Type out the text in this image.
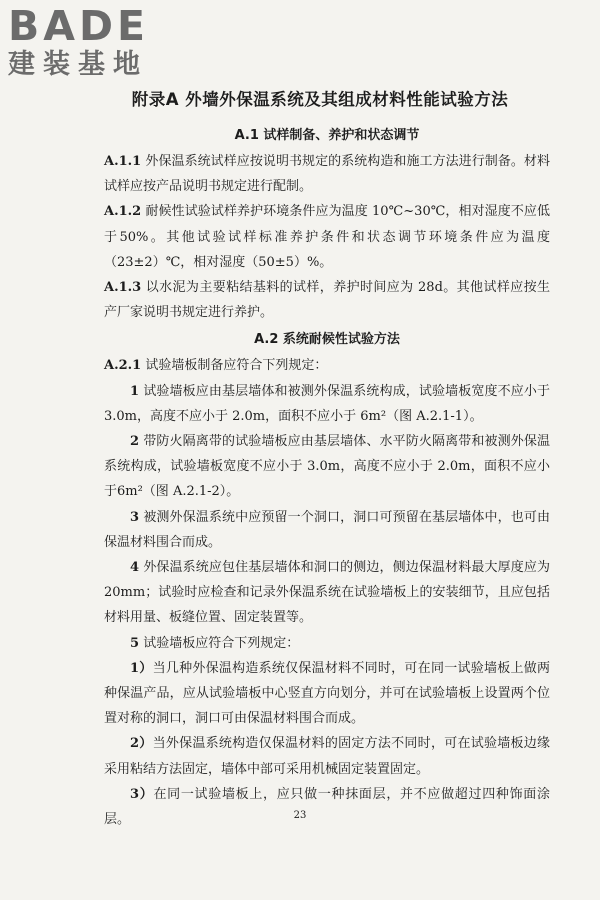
BADE
建装基地
附录A 外墙外保温系统及其组成材料性能试验方法
A.1 试样制备、养护和状态调节

A.1.1 外保温系统试样应按说明书规定的系统构造和施工方法进行制备。材料试样应按产品说明书规定进行配制。

A.1.2 耐候性试验试样养护环境条件应为温度 10℃~30℃，相对湿度不应低于50%。其他试验试样标准养护条件和状态调节环境条件应为温度（23±2）℃，相对湿度（50±5）%。

A.1.3 以水泥为主要粘结基料的试样，养护时间应为 28d。其他试样应按生产厂家说明书规定进行养护。

A.2 系统耐候性试验方法

A.2.1 试验墙板制备应符合下列规定：

1 试验墙板应由基层墙体和被测外保温系统构成，试验墙板宽度不应小于3.0m，高度不应小于 2.0m，面积不应小于 6m²（图 A.2.1-1）。

2 带防火隔离带的试验墙板应由基层墙体、水平防火隔离带和被测外保温系统构成，试验墙板宽度不应小于 3.0m，高度不应小于 2.0m，面积不应小于6m²（图 A.2.1-2）。

3 被测外保温系统中应预留一个洞口，洞口可预留在基层墙体中，也可由保温材料围合而成。

4 外保温系统应包住基层墙体和洞口的侧边，侧边保温材料最大厚度应为20mm；试验时应检查和记录外保温系统在试验墙板上的安装细节，且应包括材料用量、板缝位置、固定装置等。

5 试验墙板应符合下列规定：

1）当几种外保温构造系统仅保温材料不同时，可在同一试验墙板上做两种保温产品，应从试验墙板中心竖直方向划分，并可在试验墙板上设置两个位置对称的洞口，洞口可由保温材料围合而成。

2）当外保温系统构造仅保温材料的固定方法不同时，可在试验墙板边缘采用粘结方法固定，墙体中部可采用机械固定装置固定。

3）在同一试验墙板上，应只做一种抹面层，并不应做超过四种饰面涂层。	23
